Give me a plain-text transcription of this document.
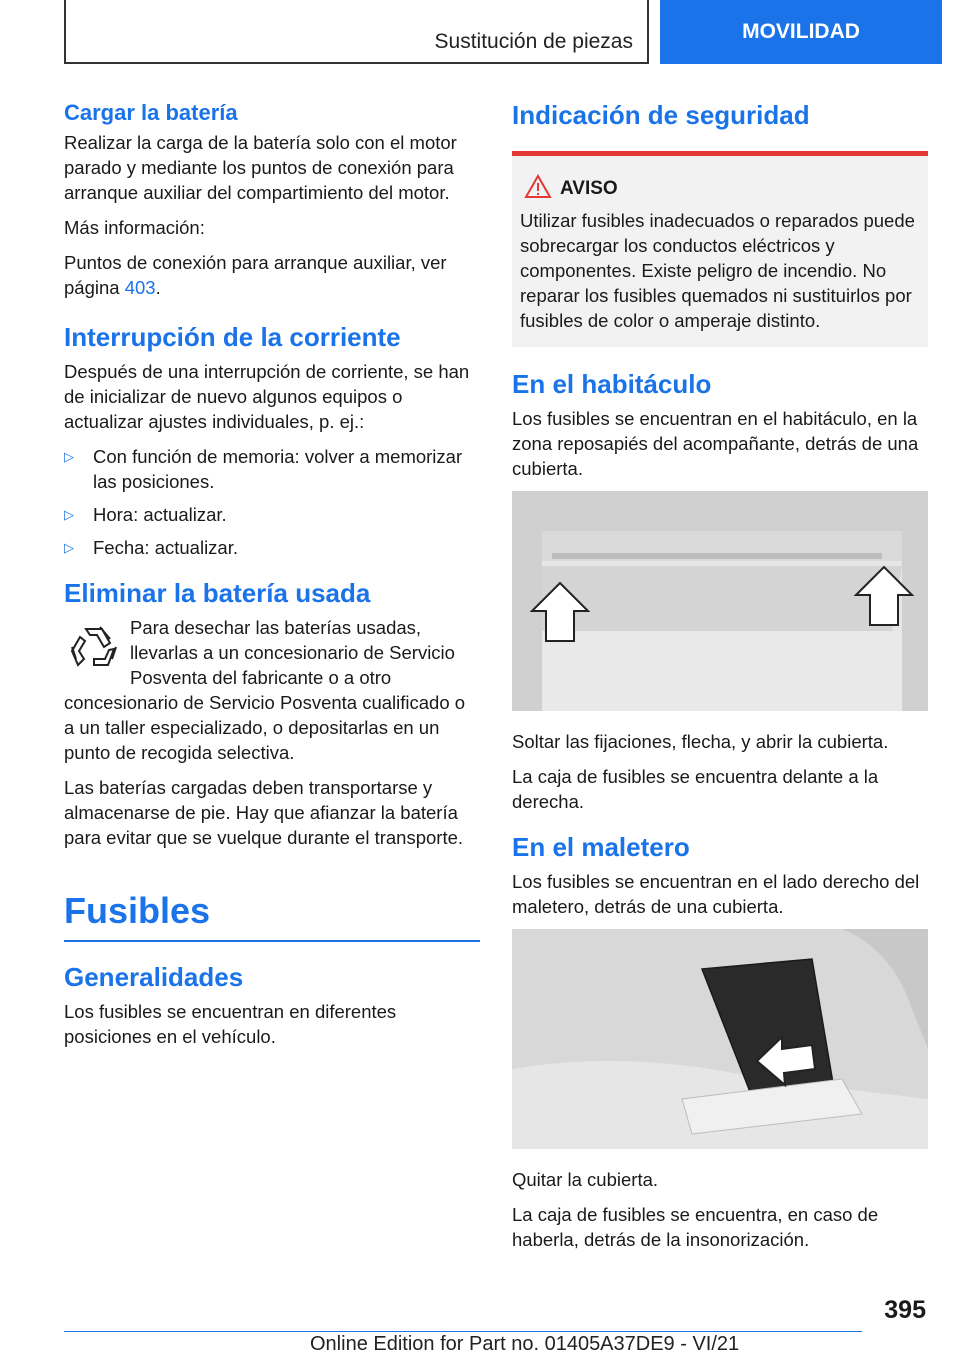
Sustitución de piezas	MOVILIDAD
Cargar la batería

Realizar la carga de la batería solo con el motor parado y mediante los puntos de conexión para arranque auxiliar del compartimiento del motor.

Más información:

Puntos de conexión para arranque auxiliar, ver página 403.

Interrupción de la corriente

Después de una interrupción de corriente, se han de inicializar de nuevo algunos equipos o actualizar ajustes individuales, p. ej.:

▷ Con función de memoria: volver a memorizar las posiciones.
▷ Hora: actualizar.
▷ Fecha: actualizar.
Eliminar la batería usada

Para desechar las baterías usadas, llevarlas a un concesionario de Servicio Posventa del fabricante o a otro concesionario de Servicio Posventa cualificado o a un taller especializado, o depositarlas en un punto de recogida selectiva.

Las baterías cargadas deben transportarse y almacenarse de pie. Hay que afianzar la batería para evitar que se vuelque durante el transporte.

Fusibles
Generalidades

Los fusibles se encuentran en diferentes posiciones en el vehículo.

Indicación de seguridad
AVISO

Utilizar fusibles inadecuados o reparados puede sobrecargar los conductos eléctricos y componentes. Existe peligro de incendio. No reparar los fusibles quemados ni sustituirlos por fusibles de color o amperaje distinto.

En el habitáculo

Los fusibles se encuentran en el habitáculo, en la zona reposapiés del acompañante, detrás de una cubierta.

Soltar las fijaciones, flecha, y abrir la cubierta.

La caja de fusibles se encuentra delante a la derecha.

En el maletero

Los fusibles se encuentran en el lado derecho del maletero, detrás de una cubierta.

Quitar la cubierta.

La caja de fusibles se encuentra, en caso de haberla, detrás de la insonorización.

395
Online Edition for Part no. 01405A37DE9 - VI/21
